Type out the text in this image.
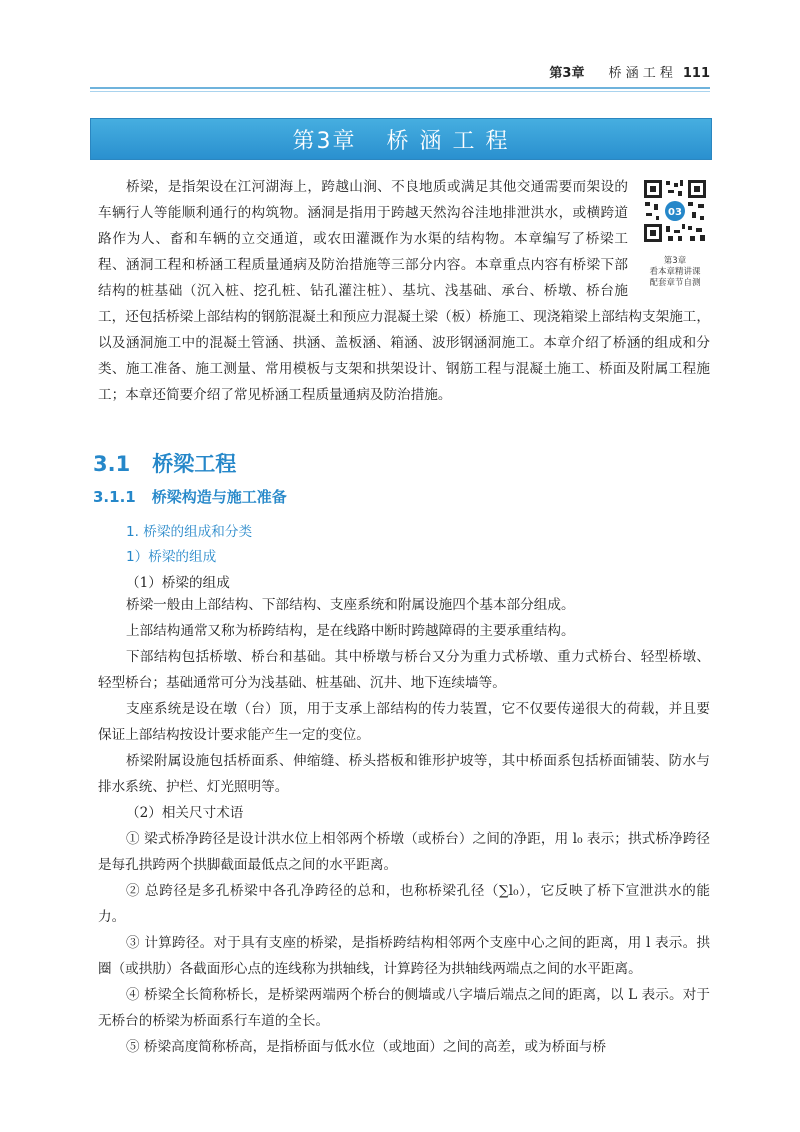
第3章 桥 涵 工 程 111
第3章 桥 涵 工 程
03
第3章
看本章精讲课
配套章节自测
桥梁，是指架设在江河湖海上，跨越山涧、不良地质或满足其他交通需要而架设的车辆行人等能顺利通行的构筑物。涵洞是指用于跨越天然沟谷洼地排泄洪水，或横跨道路作为人、畜和车辆的立交通道，或农田灌溉作为水渠的结构物。本章编写了桥梁工程、涵洞工程和桥涵工程质量通病及防治措施等三部分内容。本章重点内容有桥梁下部结构的桩基础（沉入桩、挖孔桩、钻孔灌注桩）、基坑、浅基础、承台、桥墩、桥台施工，还包括桥梁上部结构的钢筋混凝土和预应力混凝土梁（板）桥施工、现浇箱梁上部结构支架施工，以及涵洞施工中的混凝土管涵、拱涵、盖板涵、箱涵、波形钢涵洞施工。本章介绍了桥涵的组成和分类、施工准备、施工测量、常用模板与支架和拱架设计、钢筋工程与混凝土施工、桥面及附属工程施工；本章还简要介绍了常见桥涵工程质量通病及防治措施。
3.1 桥梁工程
3.1.1 桥梁构造与施工准备
1. 桥梁的组成和分类
1）桥梁的组成
（1）桥梁的组成

桥梁一般由上部结构、下部结构、支座系统和附属设施四个基本部分组成。

上部结构通常又称为桥跨结构，是在线路中断时跨越障碍的主要承重结构。

下部结构包括桥墩、桥台和基础。其中桥墩与桥台又分为重力式桥墩、重力式桥台、轻型桥墩、轻型桥台；基础通常可分为浅基础、桩基础、沉井、地下连续墙等。

支座系统是设在墩（台）顶，用于支承上部结构的传力装置，它不仅要传递很大的荷载，并且要保证上部结构按设计要求能产生一定的变位。

桥梁附属设施包括桥面系、伸缩缝、桥头搭板和锥形护坡等，其中桥面系包括桥面铺装、防水与排水系统、护栏、灯光照明等。

（2）相关尺寸术语

① 梁式桥净跨径是设计洪水位上相邻两个桥墩（或桥台）之间的净距，用 l₀ 表示；拱式桥净跨径是每孔拱跨两个拱脚截面最低点之间的水平距离。

② 总跨径是多孔桥梁中各孔净跨径的总和，也称桥梁孔径（∑l₀），它反映了桥下宣泄洪水的能力。

③ 计算跨径。对于具有支座的桥梁，是指桥跨结构相邻两个支座中心之间的距离，用 l 表示。拱圈（或拱肋）各截面形心点的连线称为拱轴线，计算跨径为拱轴线两端点之间的水平距离。

④ 桥梁全长简称桥长，是桥梁两端两个桥台的侧墙或八字墙后端点之间的距离，以 L 表示。对于无桥台的桥梁为桥面系行车道的全长。

⑤ 桥梁高度简称桥高，是指桥面与低水位（或地面）之间的高差，或为桥面与桥
